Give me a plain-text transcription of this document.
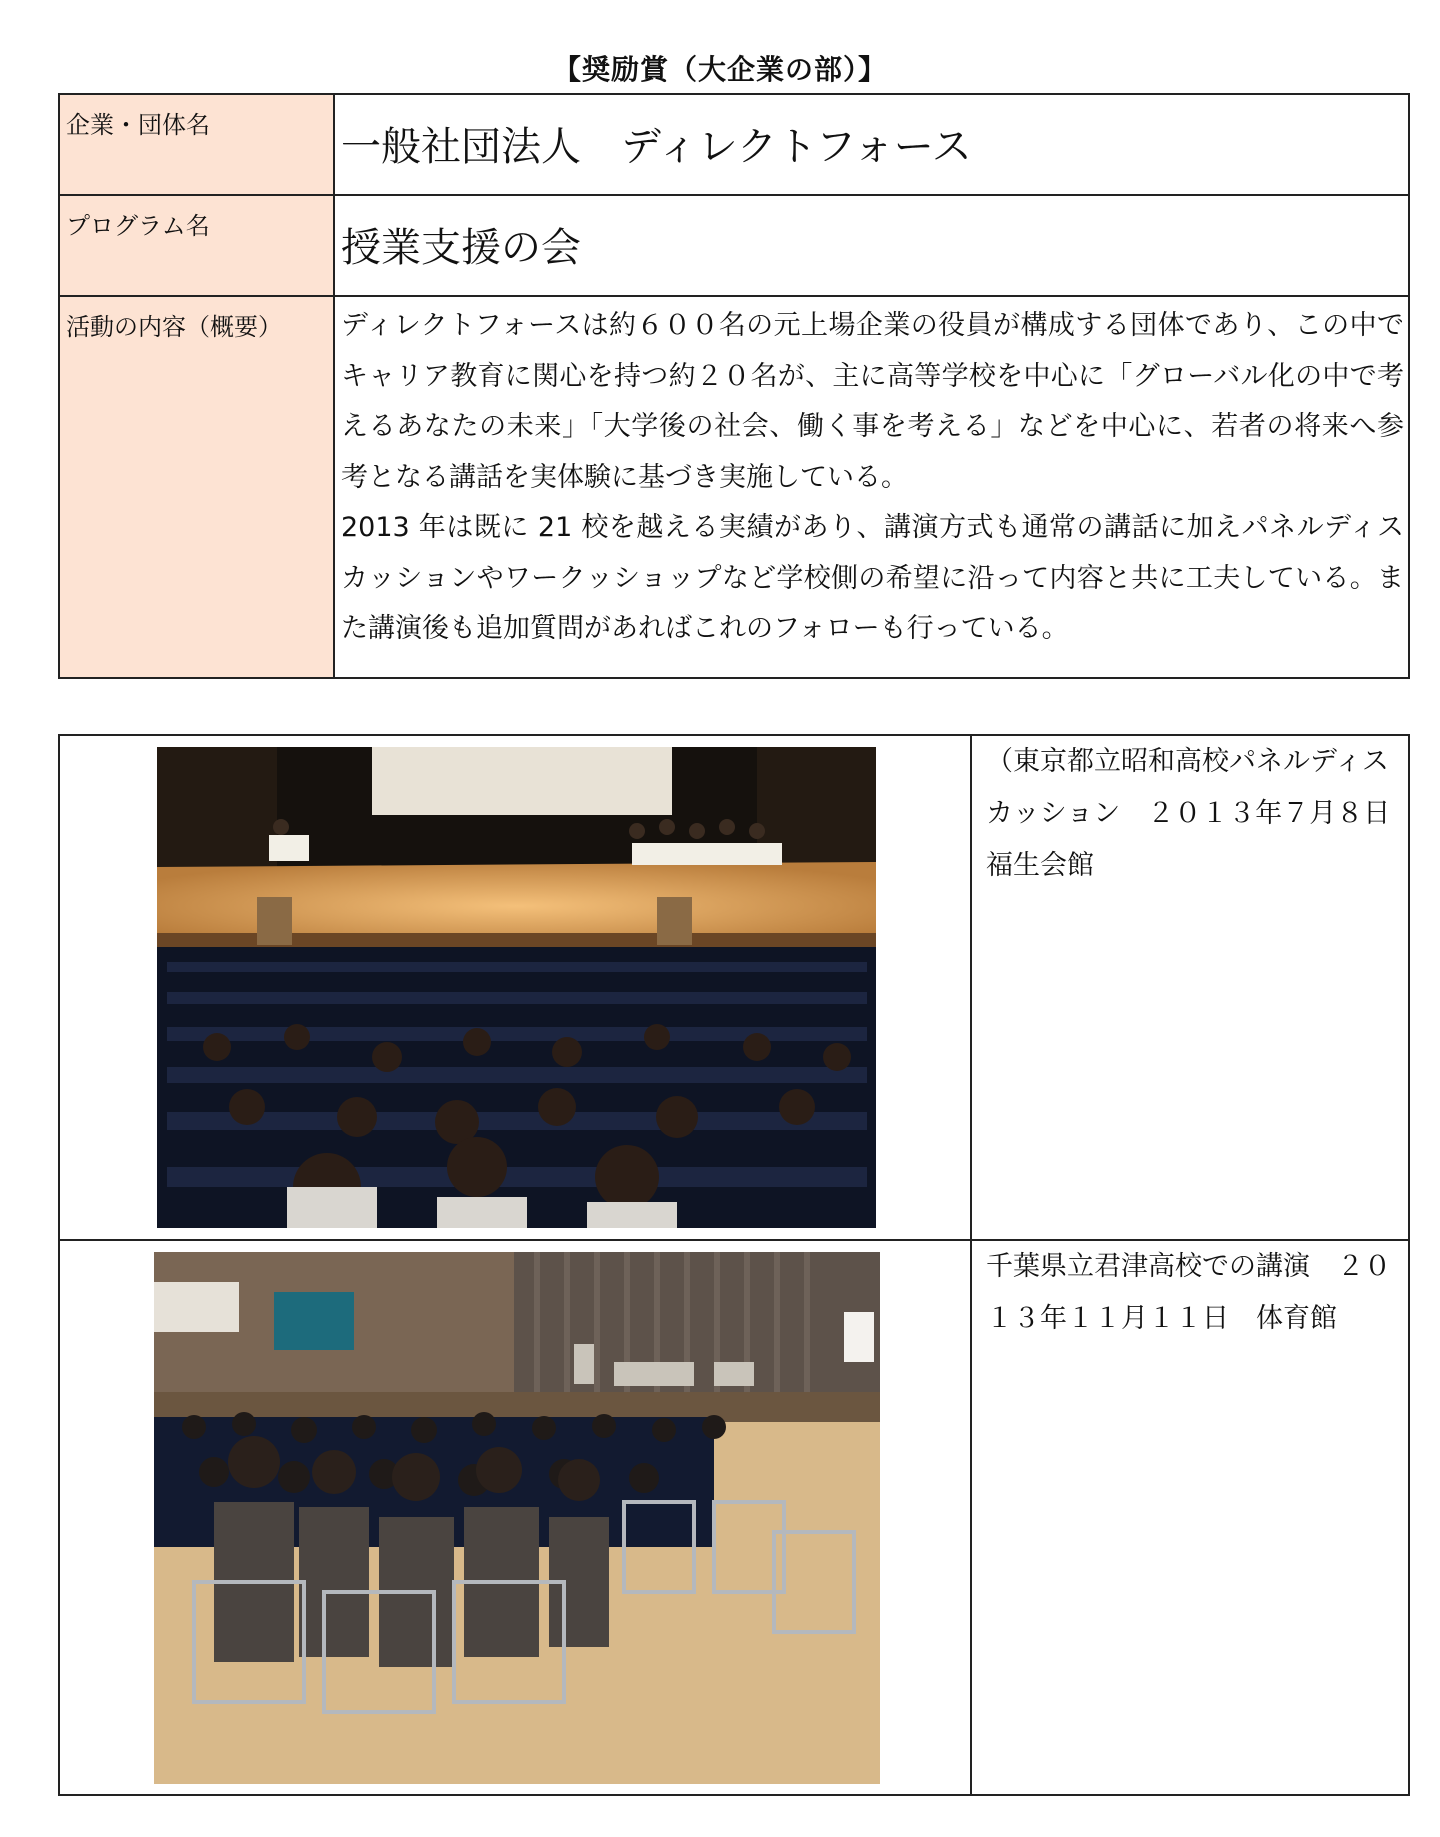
【奨励賞（大企業の部）】
企業・団体名	一般社団法人　ディレクトフォース
プログラム名	授業支援の会
活動の内容（概要）	ディレクトフォースは約６００名の元上場企業の役員が構成する団体であり、この中でキャリア教育に関心を持つ約２０名が、主に高等学校を中心に「グローバル化の中で考えるあなたの未来」「大学後の社会、働く事を考える」などを中心に、若者の将来へ参考となる講話を実体験に基づき実施している。

2013 年は既に 21 校を越える実績があり、講演方式も通常の講話に加えパネルディスカッションやワークッショップなど学校側の希望に沿って内容と共に工夫している。また講演後も追加質問があればこれのフォローも行っている。

	（東京都立昭和高校パネルディスカッション　２０１３年７月８日　福生会館

	千葉県立君津高校での講演　２０１３年１１月１１日　体育館
